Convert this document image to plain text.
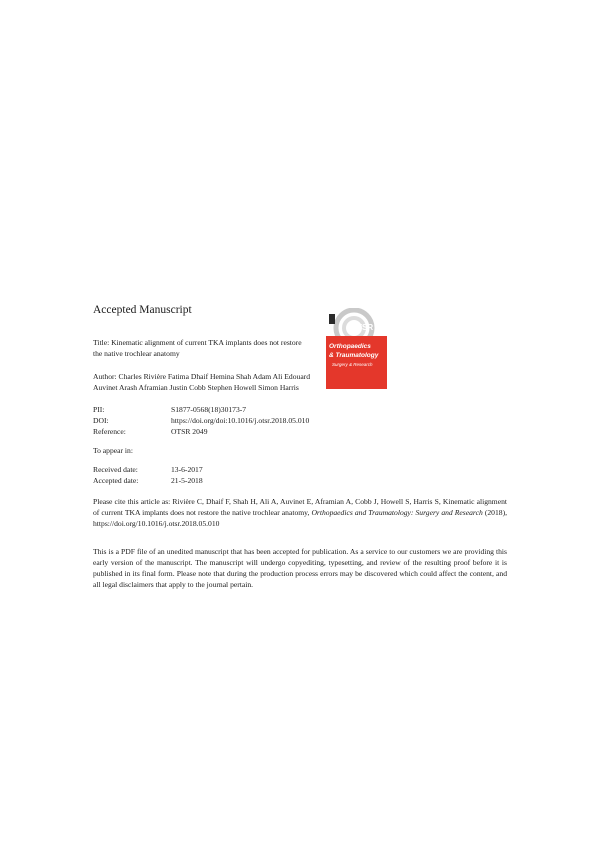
Accepted Manuscript
Title: Kinematic alignment of current TKA implants does not restore the native trochlear anatomy
Author: Charles Rivière Fatima Dhaif Hemina Shah Adam Ali Edouard Auvinet Arash Aframian Justin Cobb Stephen Howell Simon Harris
PII:	S1877-0568(18)30173-7
DOI:	https://doi.org/doi:10.1016/j.otsr.2018.05.010
Reference:	OTSR 2049
To appear in:
Received date:	13-6-2017
Accepted date:	21-5-2018
Please cite this article as: Rivière C, Dhaif F, Shah H, Ali A, Auvinet E, Aframian A, Cobb J, Howell S, Harris S, Kinematic alignment of current TKA implants does not restore the native trochlear anatomy, Orthopaedics and Traumatology: Surgery and Research (2018), https://doi.org/10.1016/j.otsr.2018.05.010
This is a PDF file of an unedited manuscript that has been accepted for publication. As a service to our customers we are providing this early version of the manuscript. The manuscript will undergo copyediting, typesetting, and review of the resulting proof before it is published in its final form. Please note that during the production process errors may be discovered which could affect the content, and all legal disclaimers that apply to the journal pertain.
OTSR
Orthopaedics
& Traumatology
Surgery & Research
